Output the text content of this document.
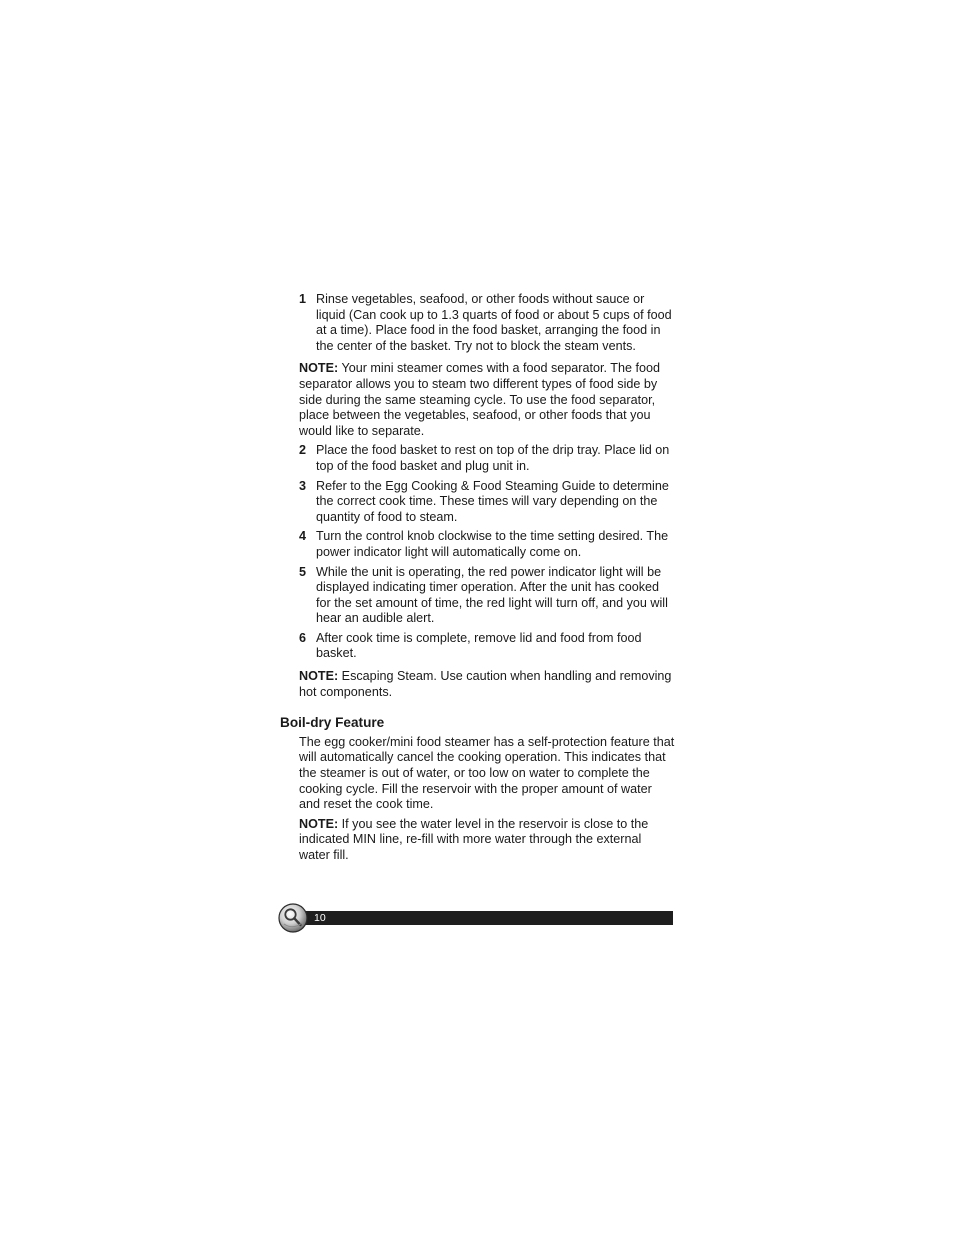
1 Rinse vegetables, seafood, or other foods without sauce or liquid (Can cook up to 1.3 quarts of food or about 5 cups of food at a time). Place food in the food basket, arranging the food in the center of the basket. Try not to block the steam vents.

NOTE: Your mini steamer comes with a food separator. The food separator allows you to steam two different types of food side by side during the same steaming cycle. To use the food separator, place between the vegetables, seafood, or other foods that you would like to separate.

2 Place the food basket to rest on top of the drip tray. Place lid on top of the food basket and plug unit in.
3 Refer to the Egg Cooking & Food Steaming Guide to determine the correct cook time. These times will vary depending on the quantity of food to steam.
4 Turn the control knob clockwise to the time setting desired. The power indicator light will automatically come on.
5 While the unit is operating, the red power indicator light will be displayed indicating timer operation. After the unit has cooked for the set amount of time, the red light will turn off, and you will hear an audible alert.
6 After cook time is complete, remove lid and food from food basket.

NOTE: Escaping Steam. Use caution when handling and removing hot components.

Boil-dry Feature

The egg cooker/mini food steamer has a self-protection feature that will automatically cancel the cooking operation. This indicates that the steamer is out of water, or too low on water to complete the cooking cycle. Fill the reservoir with the proper amount of water and reset the cook time.

NOTE: If you see the water level in the reservoir is close to the indicated MIN line, re-fill with more water through the external water fill.

10
